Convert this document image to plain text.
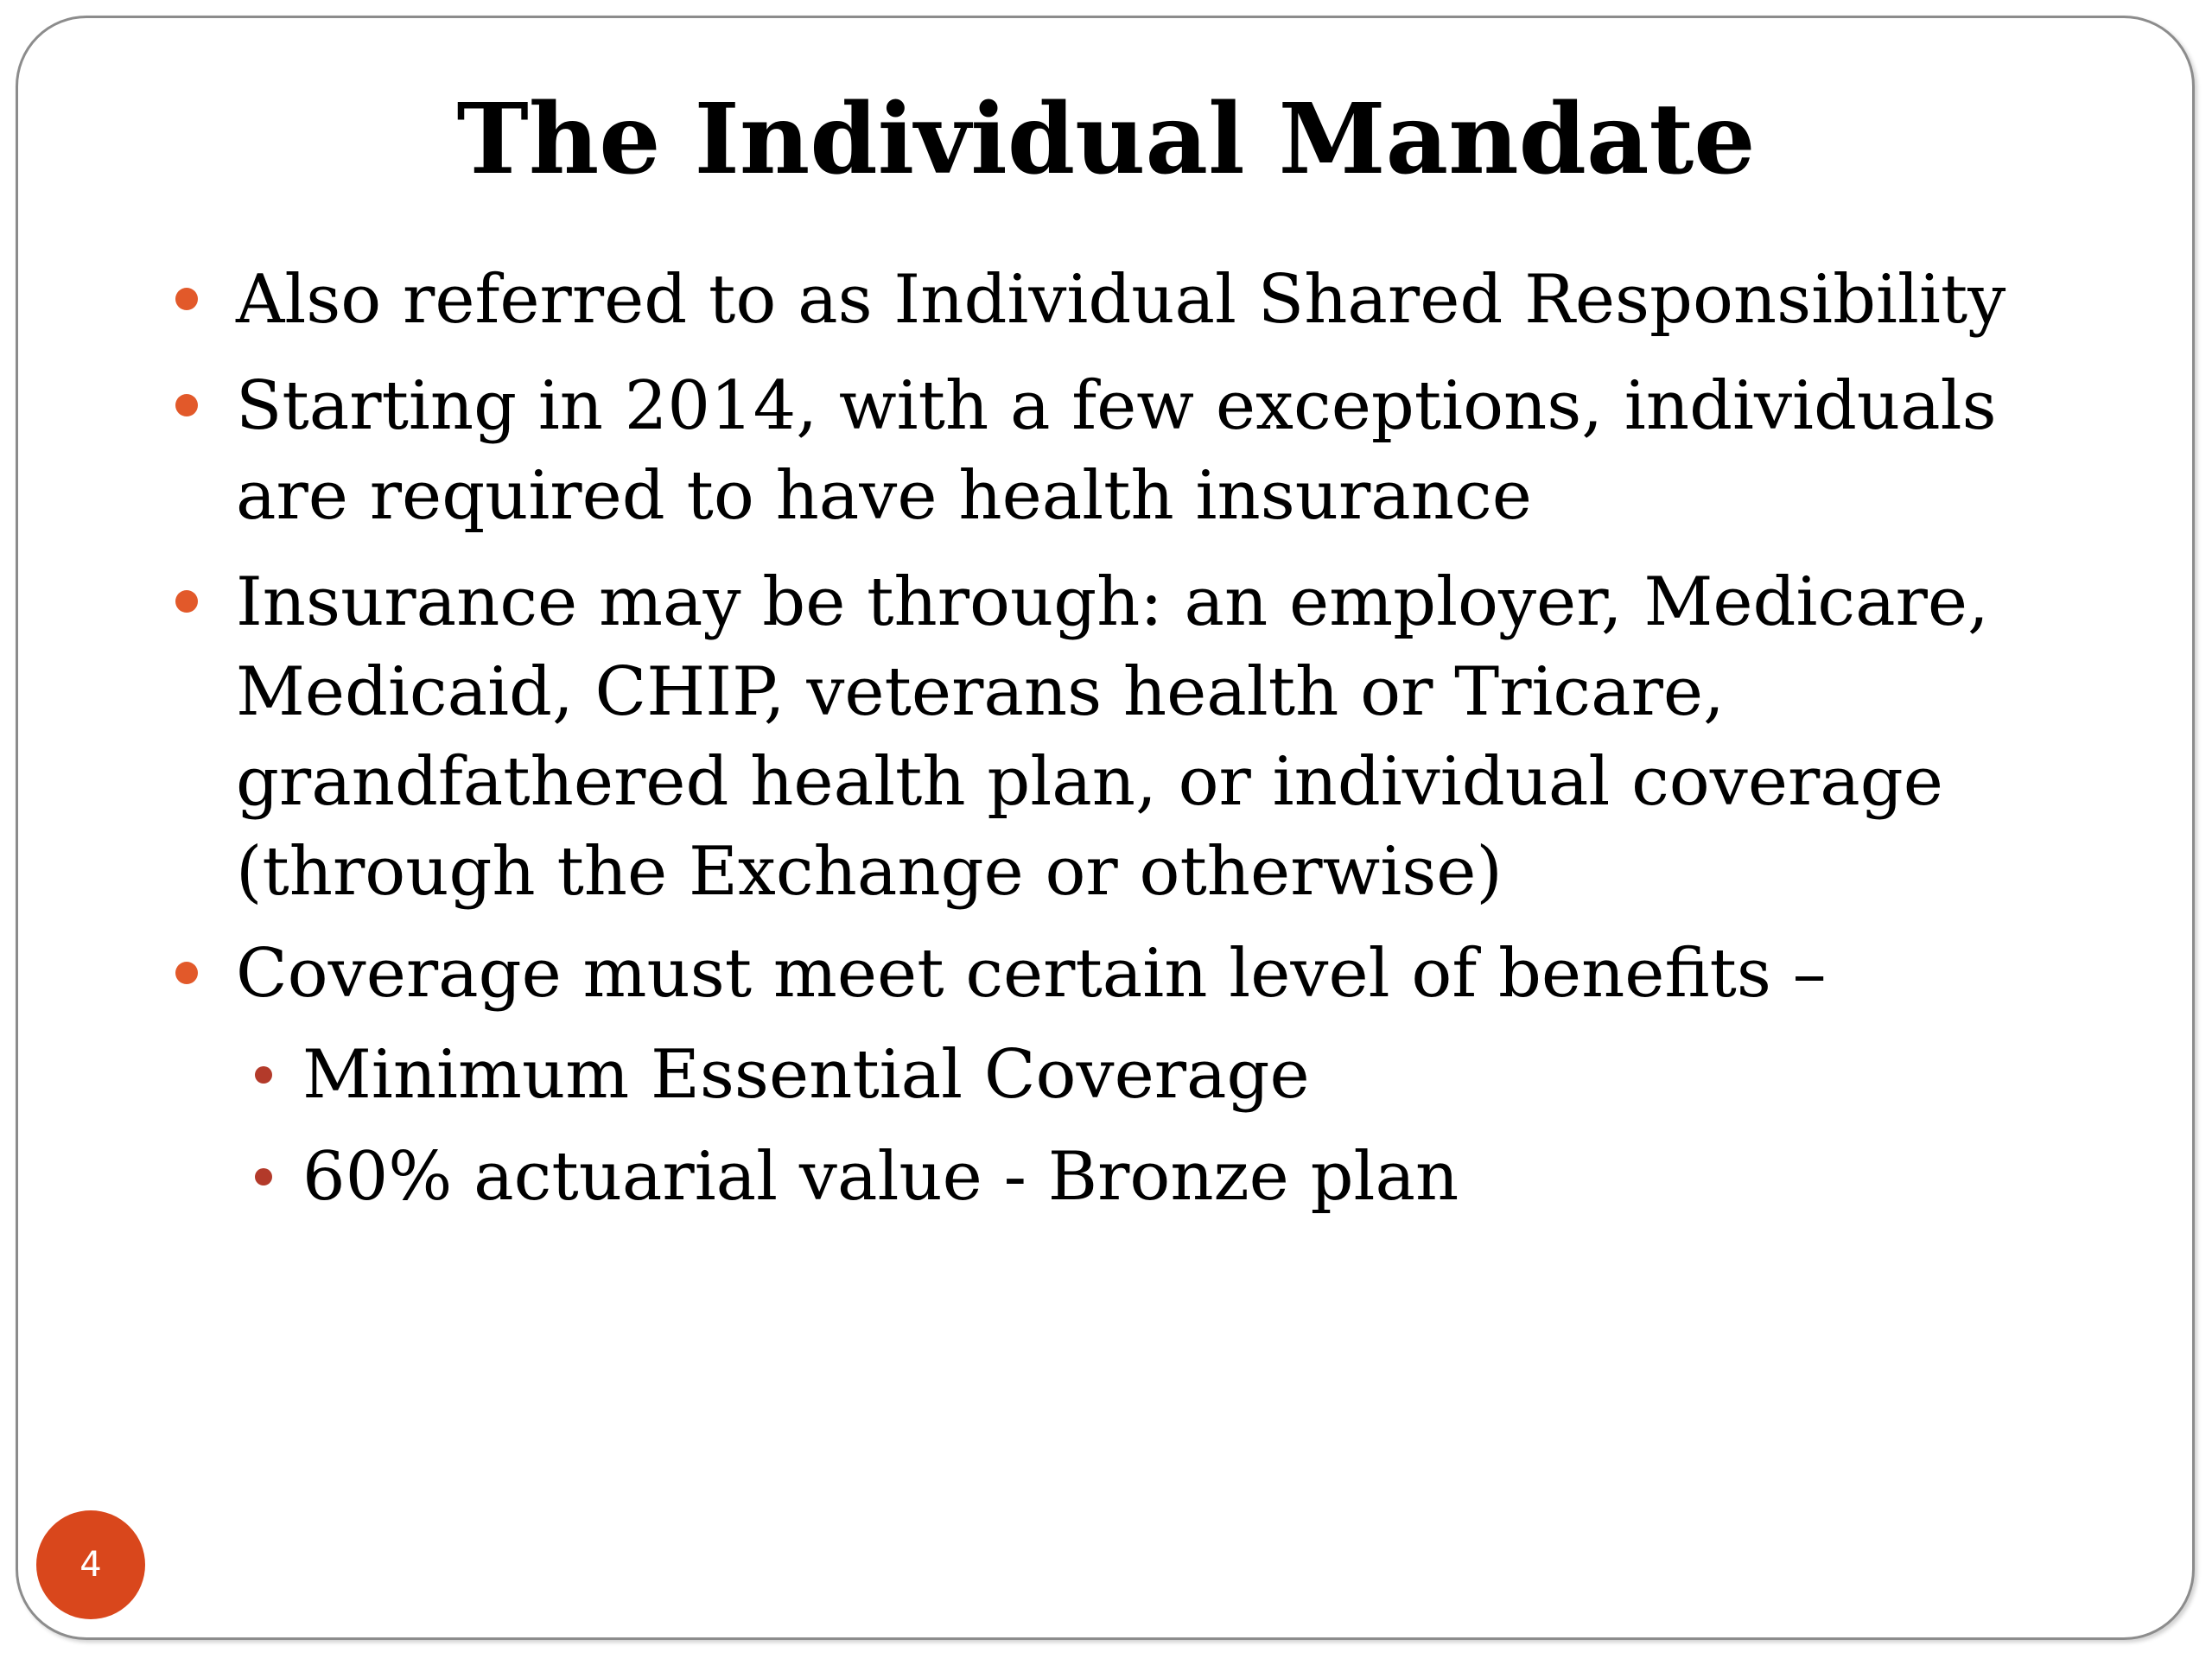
The Individual Mandate
Also referred to as Individual Shared Responsibility
Starting in 2014, with a few exceptions, individuals are required to have health insurance
Insurance may be through: an employer, Medicare, Medicaid, CHIP, veterans health or Tricare, grandfathered health plan, or individual coverage (through the Exchange or otherwise)
Coverage must meet certain level of benefits –
Minimum Essential Coverage
60% actuarial value - Bronze plan
4
